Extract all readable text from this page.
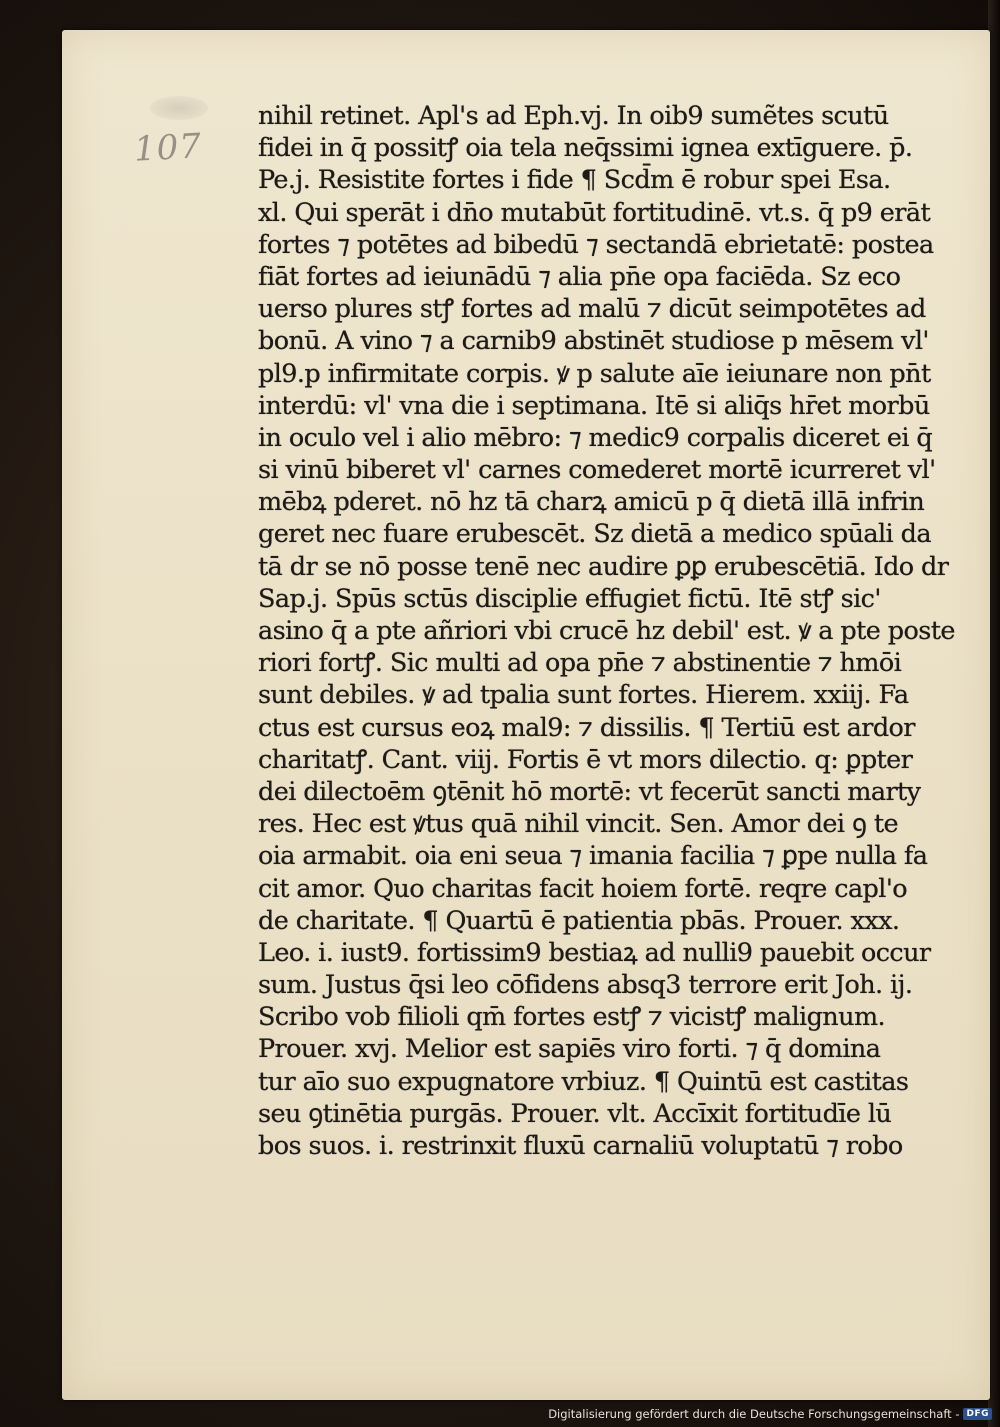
107
nihil retinet. Apl's ad Eph.vj. In oib9 sumẽtes scutū
fidei in q̄ possitꝭ oia tela neq̄ssimi ignea extīguere. p̄.
Pe.j. Resistite fortes i fide ¶ Scd̄m ē robur spei Esa.
xl. Qui sperāt i dn̄o mutabūt fortitudinē. vt.s. q̄ p9 erāt
fortes ⁊ potētes ad bibedū ⁊ sectandā ebrietatē: postea
fiāt fortes ad ieiunādū ⁊ alia pn̄e opa faciēda. Sz eco
uerso plures stꝭ fortes ad malū ⁊ dicūt seimpotētes ad
bonū. A vino ⁊ a carnib9 abstinēt studiose p mēsem vl'
pl9.p infirmitate corpis. ꝟ p salute aīe ieiunare non pn̄t
interdū: vl' vna die i septimana. Itē si aliq̄s hr̄et morbū
in oculo vel i alio mēbro: ⁊ medic9 corpalis diceret ei q̄
si vinū biberet vl' carnes comederet mortē icurreret vl'
mēbꝝ pderet. nō hz tā charꝝ amicū p q̄ dietā illā infrin
geret nec fuare erubescēt. Sz dietā a medico spūali da
tā dr se nō posse tenē nec audire ꝑꝑ erubescētiā. Ido dr
Sap.j. Spūs sctūs disciplie effugiet fictū. Itē stꝭ sic'
asino q̄ a pte añriori vbi crucē hz debil' est. ꝟ a pte poste
riori fortꝭ. Sic multi ad opa pn̄e ⁊ abstinentie ⁊ hmōi
sunt debiles. ꝟ ad tpalia sunt fortes. Hierem. xxiij. Fa
ctus est cursus eoꝝ mal9: ⁊ dissilis. ¶ Tertiū est ardor
charitatꝭ. Cant. viij. Fortis ē vt mors dilectio. q: ꝑpter
dei dilectoēm ꝯtēnit hō mortē: vt fecerūt sancti marty
res. Hec est ꝟtus quā nihil vincit. Sen. Amor dei ꝯ te
oia armabit. oia eni seua ⁊ imania facilia ⁊ ꝑpe nulla fa
cit amor. Quo charitas facit hoiem fortē. reqre capl'o
de charitate. ¶ Quartū ē patientia pbās. Prouer. xxx.
Leo. i. iust9. fortissim9 bestiaꝝ ad nulli9 pauebit occur
sum. Justus q̄si leo cōfidens absq3 terrore erit Joh. ij.
Scribo vob filioli qm̄ fortes estꝭ ⁊ vicistꝭ malignum.
Prouer. xvj. Melior est sapiēs viro forti. ⁊ q̄ domina
tur aīo suo expugnatore vrbiuz. ¶ Quintū est castitas
seu ꝯtinētia purgās. Prouer. vlt. Accīxit fortitudīe lū
bos suos. i. restrinxit fluxū carnaliū voluptatū ⁊ robo
Digitalisierung gefördert durch die Deutsche Forschungsgemeinschaft - DFG
